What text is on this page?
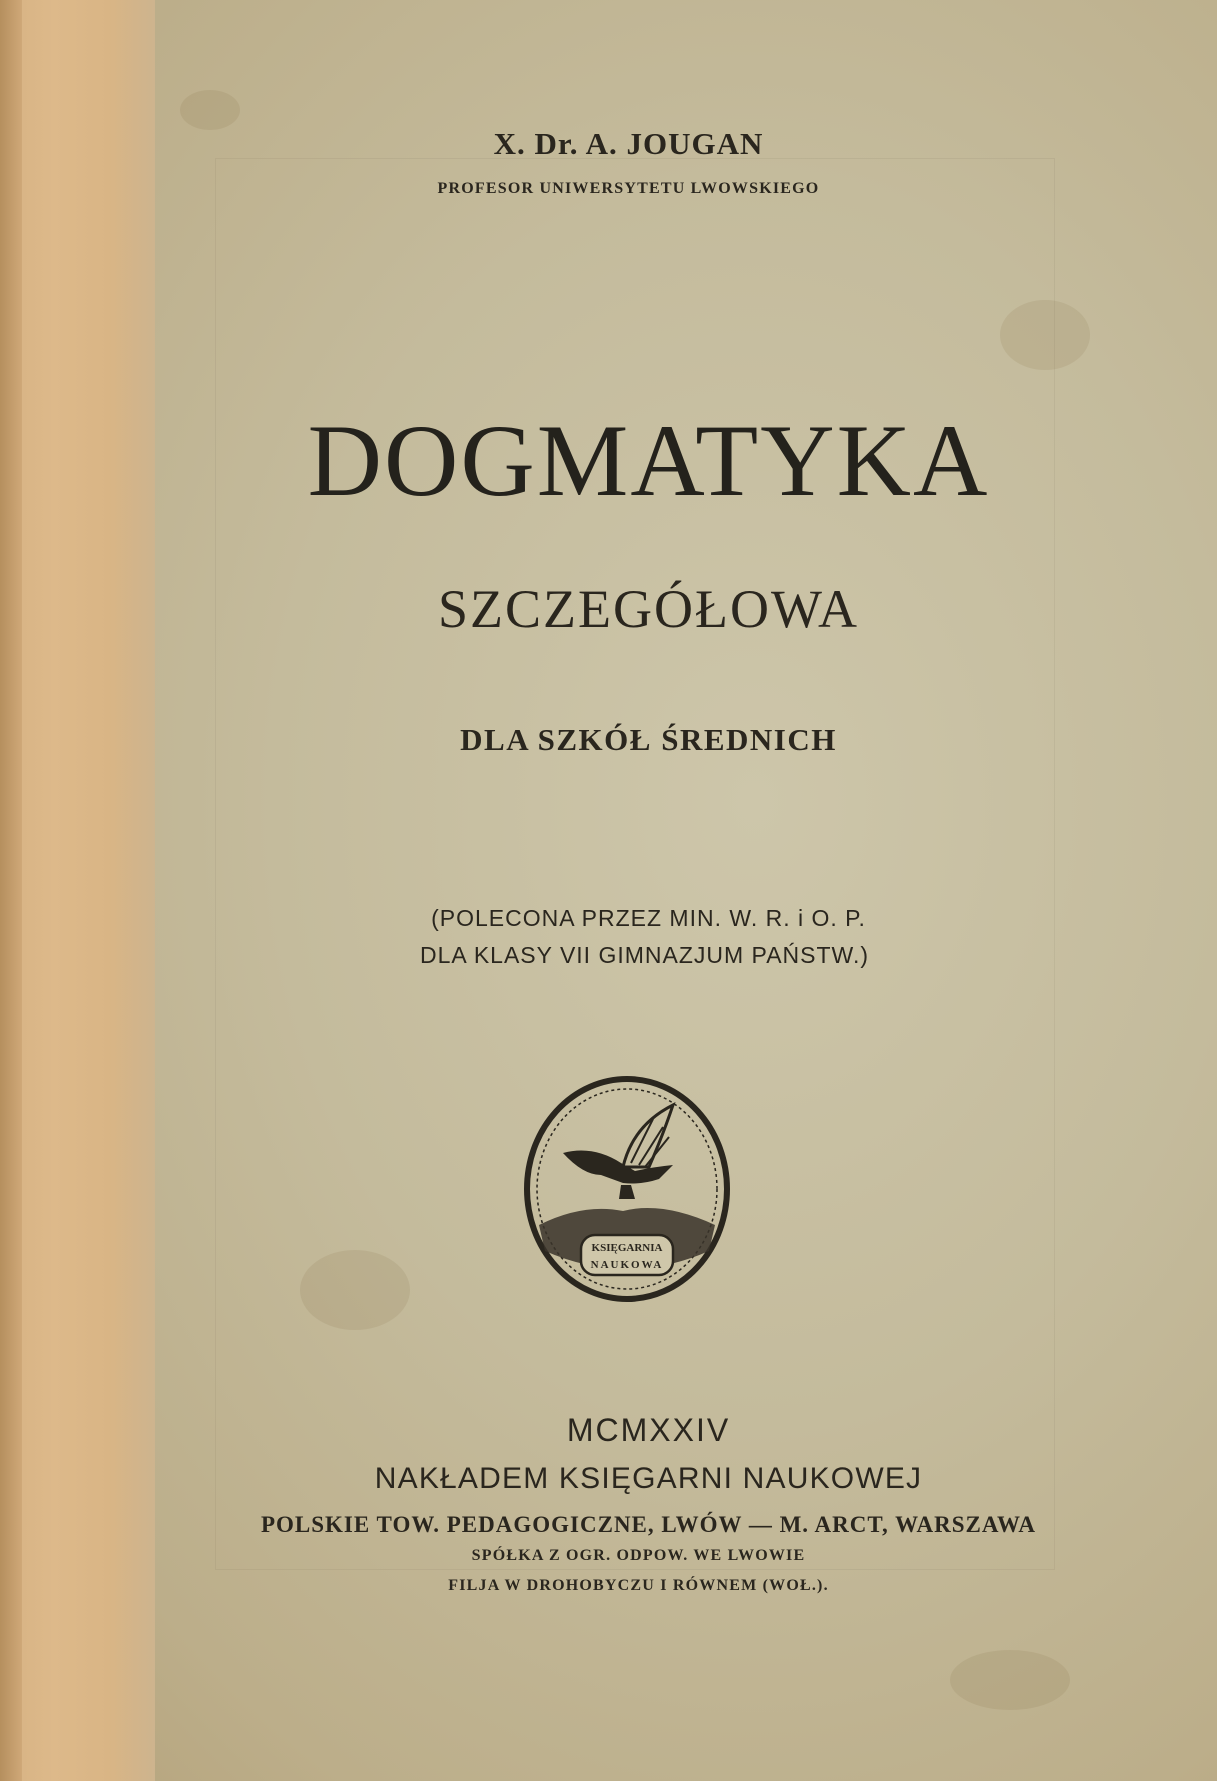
X. Dr. A. JOUGAN
PROFESOR UNIWERSYTETU LWOWSKIEGO
DOGMATYKA
SZCZEGÓŁOWA
DLA SZKÓŁ ŚREDNICH
(POLECONA PRZEZ MIN. W. R. i O. P.
DLA KLASY VII GIMNAZJUM PAŃSTW.)
KSIĘGARNIA
NAUKOWA
MCMXXIV
NAKŁADEM KSIĘGARNI NAUKOWEJ
POLSKIE TOW. PEDAGOGICZNE, LWÓW — M. ARCT, WARSZAWA
SPÓŁKA Z OGR. ODPOW. WE LWOWIE
FILJA W DROHOBYCZU I RÓWNEM (WOŁ.).
